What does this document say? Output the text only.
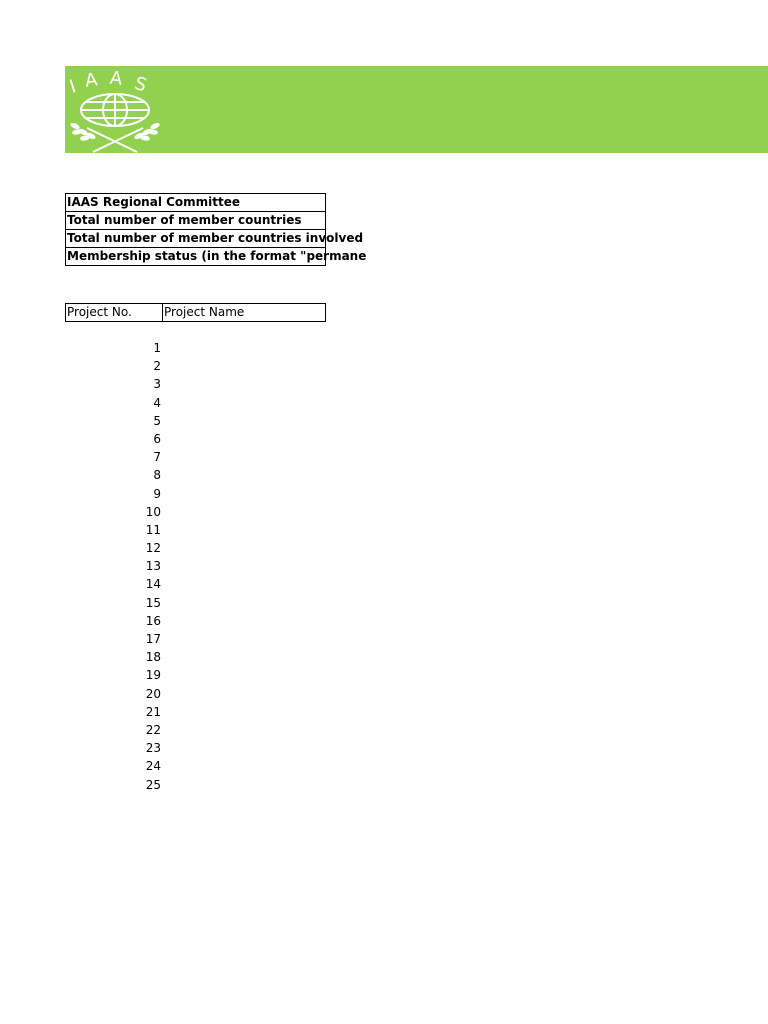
I A A S
IAAS Regional Committee
Total number of member countries
Total number of member countries involved
Membership status (in the format "permane
Project No.	Project Name
1
2
3
4
5
6
7
8
9
10
11
12
13
14
15
16
17
18
19
20
21
22
23
24
25
